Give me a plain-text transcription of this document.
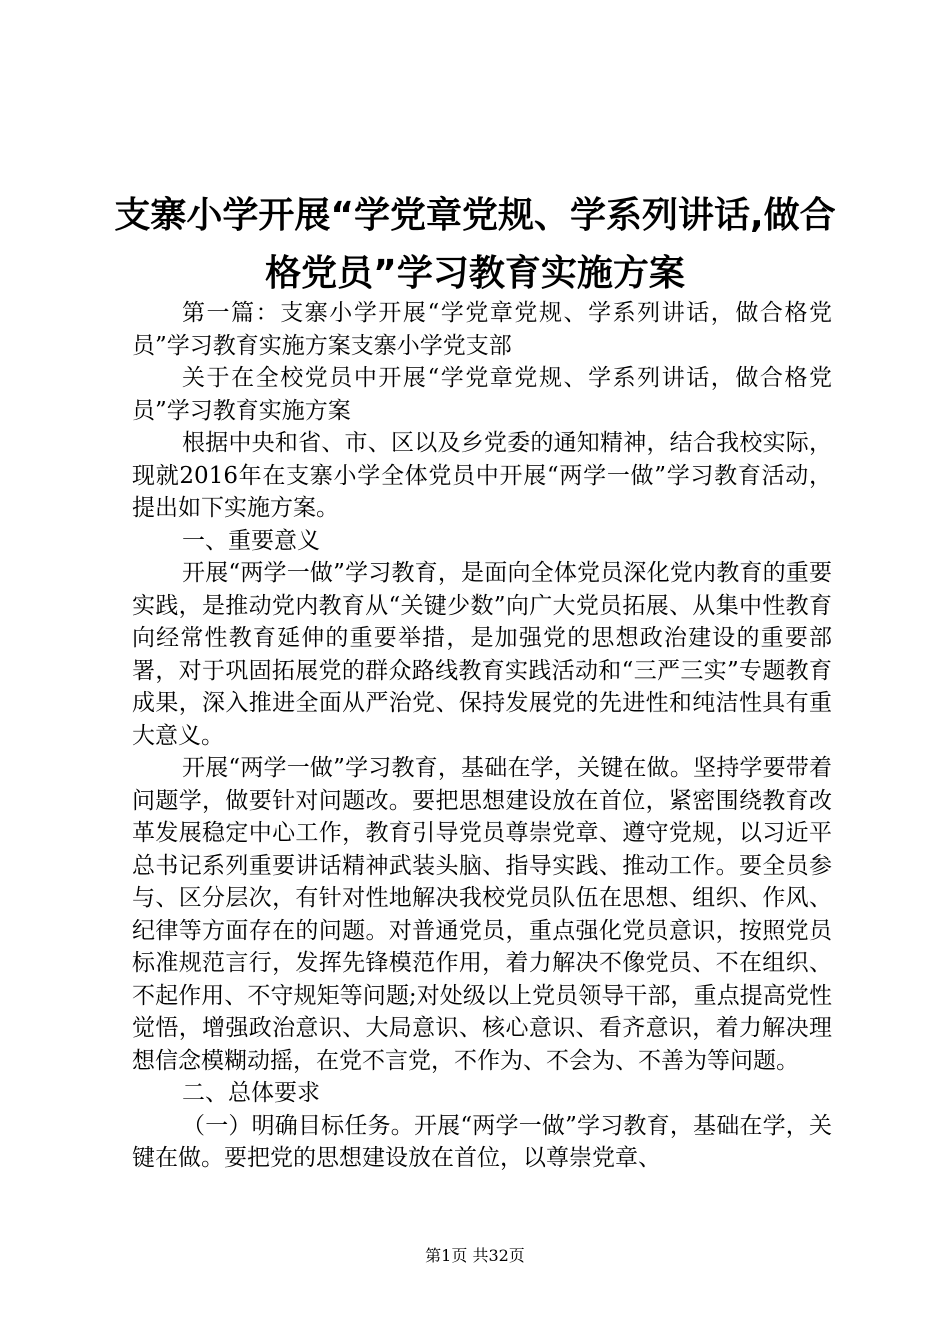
支寨小学开展“学党章党规、学系列讲话,做合格党员”学习教育实施方案

第一篇：支寨小学开展“学党章党规、学系列讲话，做合格党员”学习教育实施方案支寨小学党支部

关于在全校党员中开展“学党章党规、学系列讲话，做合格党员”学习教育实施方案

根据中央和省、市、区以及乡党委的通知精神，结合我校实际，现就2016年在支寨小学全体党员中开展“两学一做”学习教育活动，提出如下实施方案。

一、重要意义

开展“两学一做”学习教育，是面向全体党员深化党内教育的重要实践，是推动党内教育从“关键少数”向广大党员拓展、从集中性教育向经常性教育延伸的重要举措，是加强党的思想政治建设的重要部署，对于巩固拓展党的群众路线教育实践活动和“三严三实”专题教育成果，深入推进全面从严治党、保持发展党的先进性和纯洁性具有重大意义。

开展“两学一做”学习教育，基础在学，关键在做。坚持学要带着问题学，做要针对问题改。要把思想建设放在首位，紧密围绕教育改革发展稳定中心工作，教育引导党员尊崇党章、遵守党规，以习近平总书记系列重要讲话精神武装头脑、指导实践、推动工作。要全员参与、区分层次，有针对性地解决我校党员队伍在思想、组织、作风、纪律等方面存在的问题。对普通党员，重点强化党员意识，按照党员标准规范言行，发挥先锋模范作用，着力解决不像党员、不在组织、不起作用、不守规矩等问题;对处级以上党员领导干部，重点提高党性觉悟，增强政治意识、大局意识、核心意识、看齐意识，着力解决理想信念模糊动摇，在党不言党，不作为、不会为、不善为等问题。

二、总体要求

（一）明确目标任务。开展“两学一做”学习教育，基础在学，关键在做。要把党的思想建设放在首位，以尊崇党章、

第1页 共32页
